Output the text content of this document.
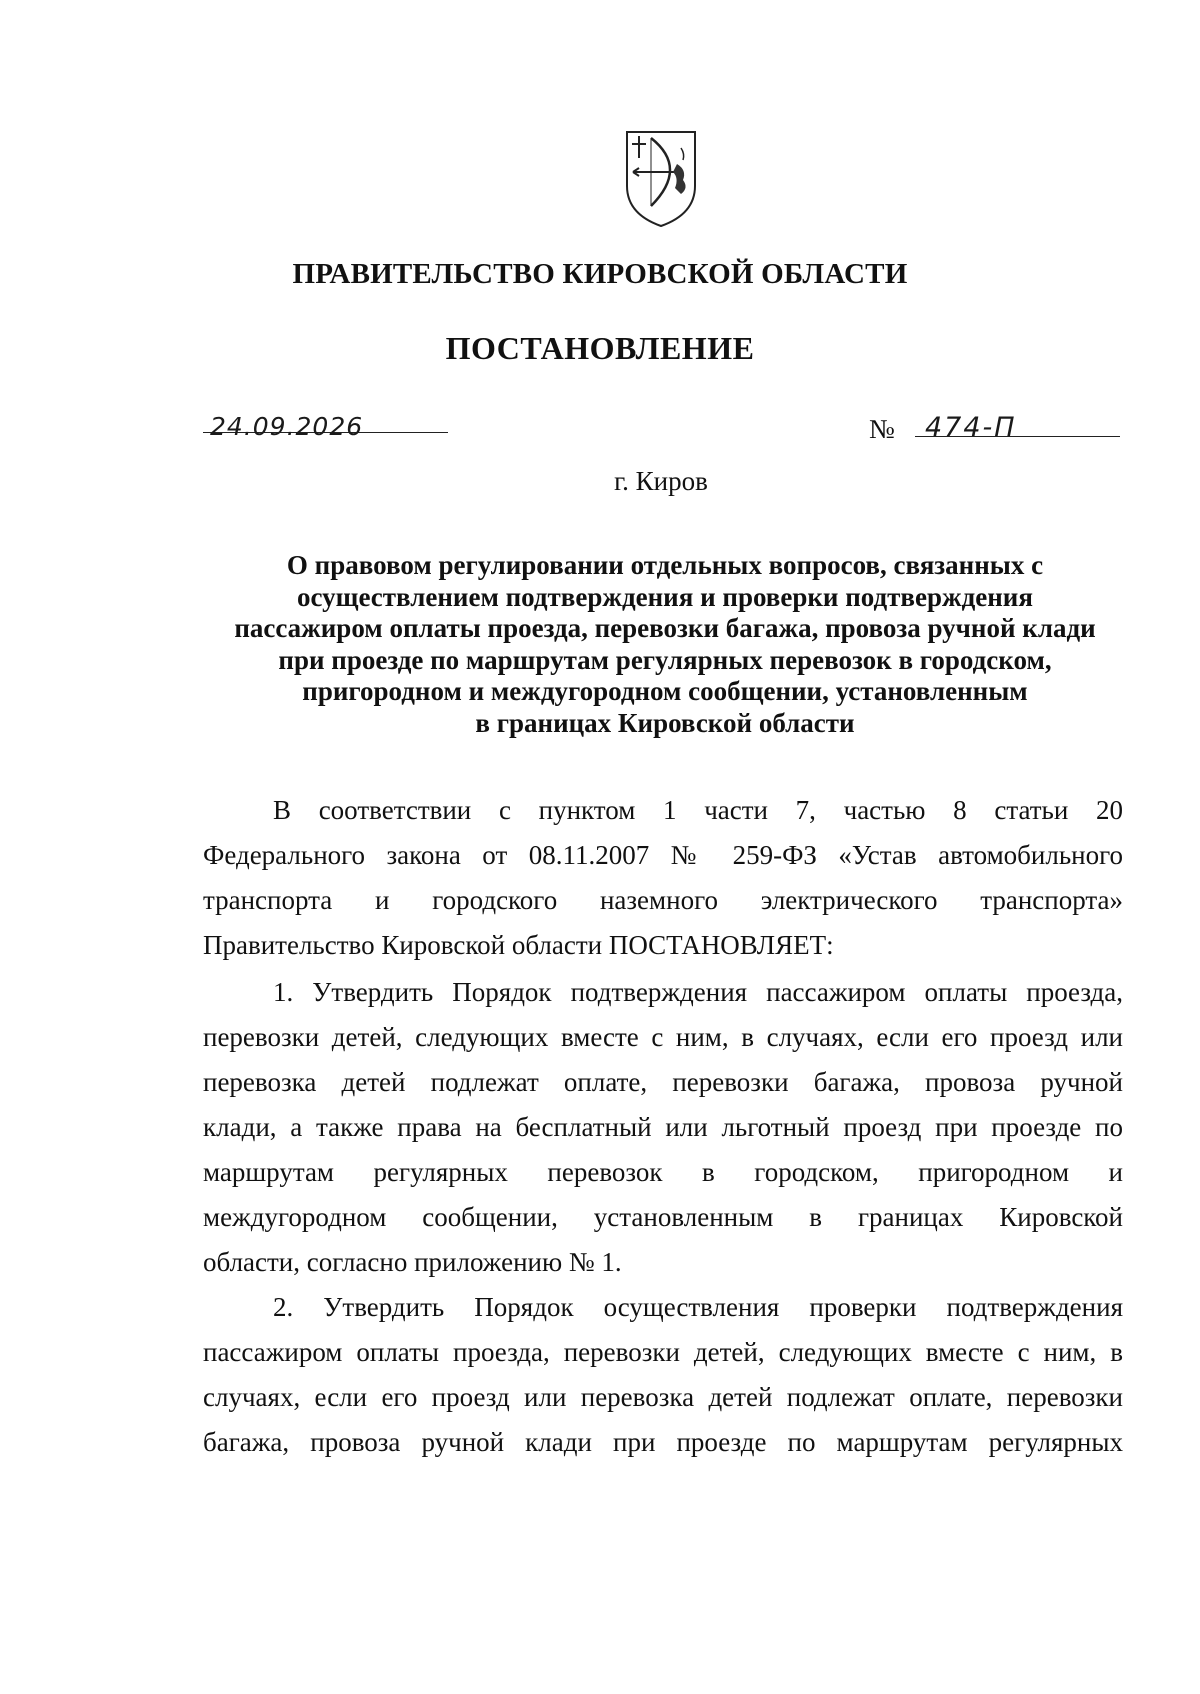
ПРАВИТЕЛЬСТВО КИРОВСКОЙ ОБЛАСТИ
ПОСТАНОВЛЕНИЕ
24.09.2026	№ 474-П
г. Киров
О правовом регулировании отдельных вопросов, связанных с
осуществлением подтверждения и проверки подтверждения
пассажиром оплаты проезда, перевозки багажа, провоза ручной клади
при проезде по маршрутам регулярных перевозок в городском,
пригородном и междугородном сообщении, установленным
в границах Кировской области
В соответствии с пунктом 1 части 7, частью 8 статьи 20
Федерального закона от 08.11.2007 № 259-ФЗ «Устав автомобильного
транспорта и городского наземного электрического транспорта»
Правительство Кировской области ПОСТАНОВЛЯЕТ:
1. Утвердить Порядок подтверждения пассажиром оплаты проезда,
перевозки детей, следующих вместе с ним, в случаях, если его проезд или
перевозка детей подлежат оплате, перевозки багажа, провоза ручной
клади, а также права на бесплатный или льготный проезд при проезде по
маршрутам регулярных перевозок в городском, пригородном и
междугородном сообщении, установленным в границах Кировской
области, согласно приложению № 1.
2. Утвердить Порядок осуществления проверки подтверждения
пассажиром оплаты проезда, перевозки детей, следующих вместе с ним, в
случаях, если его проезд или перевозка детей подлежат оплате, перевозки
багажа, провоза ручной клади при проезде по маршрутам регулярных
